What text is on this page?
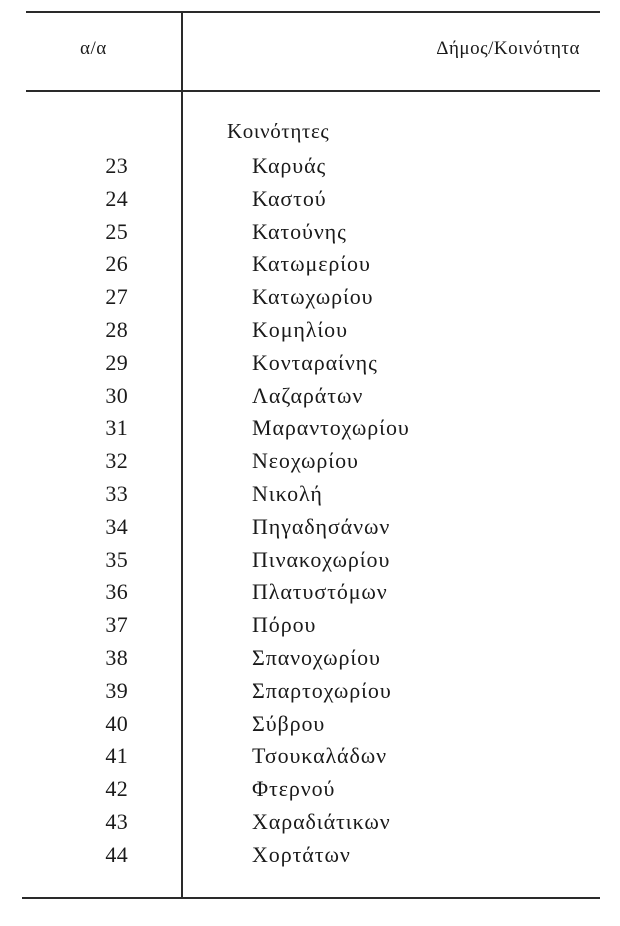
α/α	Δήμος/Κοινότητα
Κοινότητες
23	Καρυάς
24	Καστού
25	Κατούνης
26	Κατωμερίου
27	Κατωχωρίου
28	Κομηλίου
29	Κονταραίνης
30	Λαζαράτων
31	Μαραντοχωρίου
32	Νεοχωρίου
33	Νικολή
34	Πηγαδησάνων
35	Πινακοχωρίου
36	Πλατυστόμων
37	Πόρου
38	Σπανοχωρίου
39	Σπαρτοχωρίου
40	Σύβρου
41	Τσουκαλάδων
42	Φτερνού
43	Χαραδιάτικων
44	Χορτάτων
